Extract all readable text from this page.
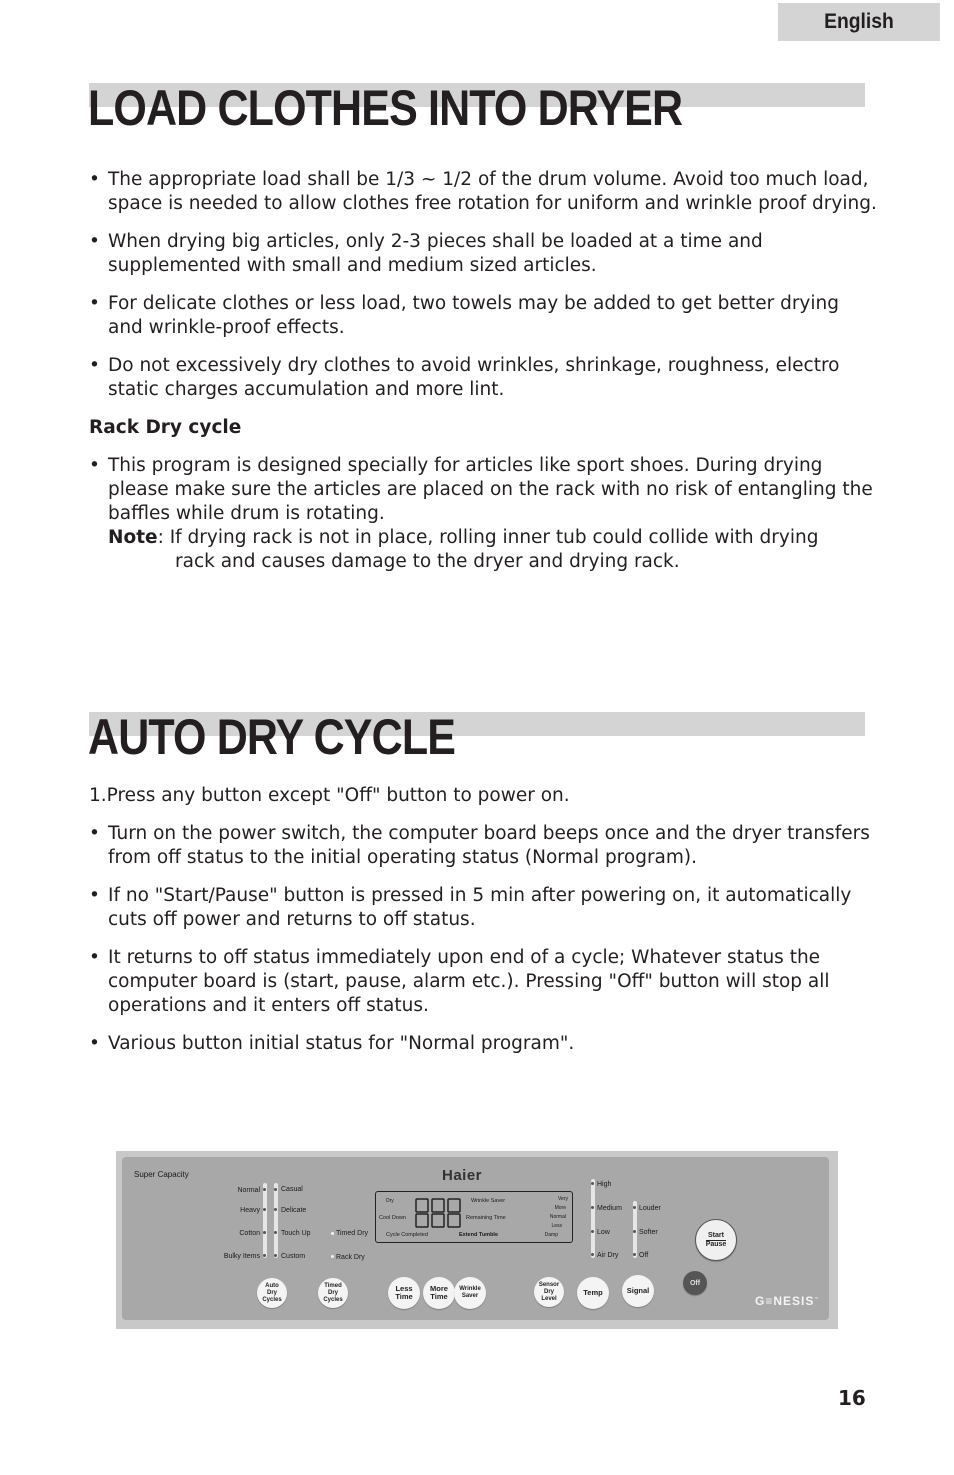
English
LOAD CLOTHES INTO DRYER

• The appropriate load shall be 1/3 ~ 1/2 of the drum volume. Avoid too much load, space is needed to allow clothes free rotation for uniform and wrinkle proof drying.

• When drying big articles, only 2-3 pieces shall be loaded at a time and supplemented with small and medium sized articles.

• For delicate clothes or less load, two towels may be added to get better drying and wrinkle-proof effects.

• Do not excessively dry clothes to avoid wrinkles, shrinkage, roughness, electro static charges accumulation and more lint.

Rack Dry cycle

• This program is designed specially for articles like sport shoes. During drying please make sure the articles are placed on the rack with no risk of entangling the baffles while drum is rotating.

Note: If drying rack is not in place, rolling inner tub could collide with drying
rack and causes damage to the dryer and drying rack.

AUTO DRY CYCLE

1.Press any button except "Off" button to power on.

• Turn on the power switch, the computer board beeps once and the dryer transfers from off status to the initial operating status (Normal program).

• If no "Start/Pause" button is pressed in 5 min after powering on, it automatically cuts off power and returns to off status.

• It returns to off status immediately upon end of a cycle; Whatever status the computer board is (start, pause, alarm etc.). Pressing "Off" button will stop all operations and it enters off status.

• Various button initial status for "Normal program".

Super Capacity	Haier
Normal
Heavy
Cotton
Bulky Items
Casual
Delicate
Touch Up
Custom
Timed Dry
Rack Dry
Dry
Cool Down
Cycle Completed
Wrinkle Saver
Remaining Time
Extend Tumble
Very
More
Normal
Less
Damp
High
Medium
Low
Air Dry
Louder
Softer
Off
Start
Pause
Auto
Dry
Cycles
Timed
Dry
Cycles
Less
Time
More
Time
Wrinkle
Saver
Sensor
Dry
Level
Temp	Signal
Off
G≡NESIS™
16
